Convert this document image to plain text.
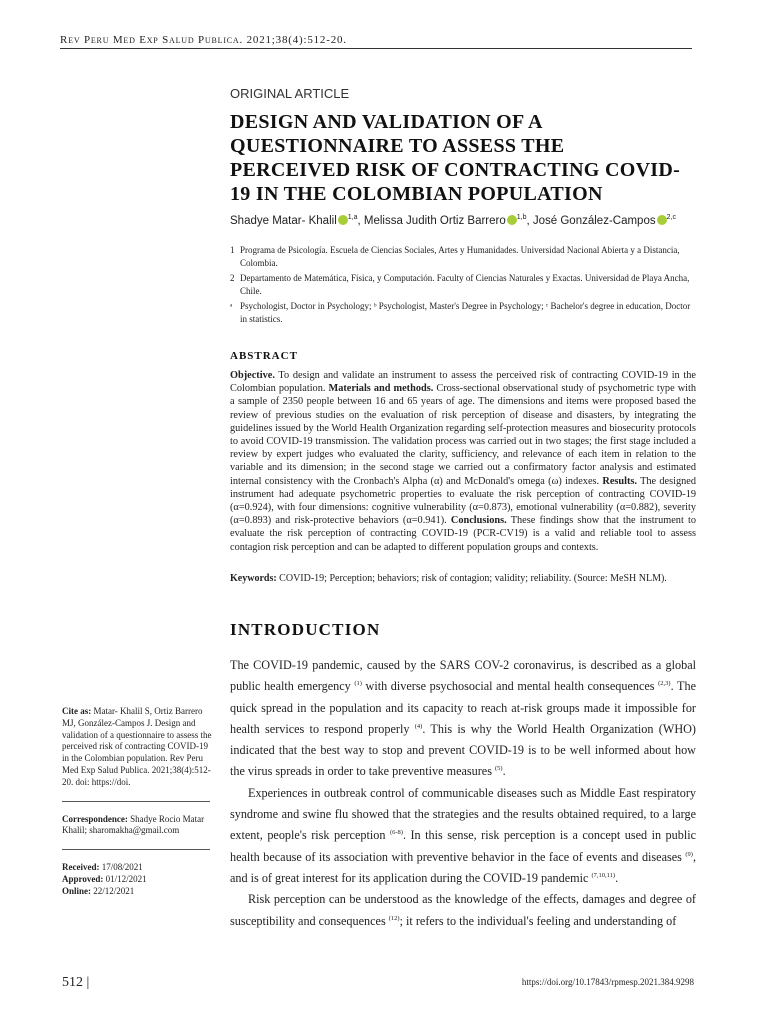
Rev Peru Med Exp Salud Publica. 2021;38(4):512-20.
ORIGINAL ARTICLE
DESIGN AND VALIDATION OF A QUESTIONNAIRE TO ASSESS THE PERCEIVED RISK OF CONTRACTING COVID-19 IN THE COLOMBIAN POPULATION
Shadye Matar- Khalil $^{1,a}$, Melissa Judith Ortiz Barrero $^{1,b}$, José González-Campos $^{2,c}$
1 Programa de Psicología. Escuela de Ciencias Sociales, Artes y Humanidades. Universidad Nacional Abierta y a Distancia, Colombia.
2 Departamento de Matemática, Física, y Computación. Faculty of Ciencias Naturales y Exactas. Universidad de Playa Ancha, Chile.
ᵃ Psychologist, Doctor in Psychology; ᵇ Psychologist, Master's Degree in Psychology; ᶜ Bachelor's degree in education, Doctor in statistics.
ABSTRACT

Objective. To design and validate an instrument to assess the perceived risk of contracting COVID-19 in the Colombian population. Materials and methods. Cross-sectional observational study of psychometric type with a sample of 2350 people between 16 and 65 years of age. The dimensions and items were proposed based the review of previous studies on the evaluation of risk perception of disease and disasters, by integrating the guidelines issued by the World Health Organization regarding self-protection measures and biosecurity protocols to avoid COVID-19 transmission. The validation process was carried out in two stages; the first stage included a review by expert judges who evaluated the clarity, sufficiency, and relevance of each item in relation to the variable and its dimension; in the second stage we carried out a confirmatory factor analysis and estimated internal consistency with the Cronbach's Alpha (α) and McDonald's omega (ω) indexes. Results. The designed instrument had adequate psychometric properties to evaluate the risk perception of contracting COVID-19 (α=0.924), with four dimensions: cognitive vulnerability (α=0.873), emotional vulnerability (α=0.882), severity (α=0.893) and risk-protective behaviors (α=0.941). Conclusions. These findings show that the instrument to evaluate the risk perception of contracting COVID-19 (PCR-CV19) is a valid and reliable tool to assess contagion risk perception and can be adapted to different population groups and contexts.

Keywords: COVID-19; Perception; behaviors; risk of contagion; validity; reliability. (Source: MeSH NLM).
INTRODUCTION

The COVID-19 pandemic, caused by the SARS COV-2 coronavirus, is described as a global public health emergency $^{(1)}$ with diverse psychosocial and mental health consequences $^{(2,3)}$. The quick spread in the population and its capacity to reach at-risk groups made it impossible for health services to respond properly $^{(4)}$. This is why the World Health Organization (WHO) indicated that the best way to stop and prevent COVID-19 is to be well informed about how the virus spreads in order to take preventive measures $^{(5)}$.

Experiences in outbreak control of communicable diseases such as Middle East respiratory syndrome and swine flu showed that the strategies and the results obtained required, to a large extent, people's risk perception $^{(6-8)}$. In this sense, risk perception is a concept used in public health because of its association with preventive behavior in the face of events and diseases $^{(9)}$, and is of great interest for its application during the COVID-19 pandemic $^{(7,10,11)}$.

Risk perception can be understood as the knowledge of the effects, damages and degree of susceptibility and consequences $^{(12)}$; it refers to the individual's feeling and understanding of

Cite as: Matar- Khalil S, Ortiz Barrero MJ, González-Campos J. Design and validation of a questionnaire to assess the perceived risk of contracting COVID-19 in the Colombian population. Rev Peru Med Exp Salud Publica. 2021;38(4):512-20. doi: https://doi.
Correspondence: Shadye Rocio Matar Khalil; sharomakha@gmail.com
Received: 17/08/2021
Approved: 01/12/2021
Online: 22/12/2021
512 |	https://doi.org/10.17843/rpmesp.2021.384.9298
